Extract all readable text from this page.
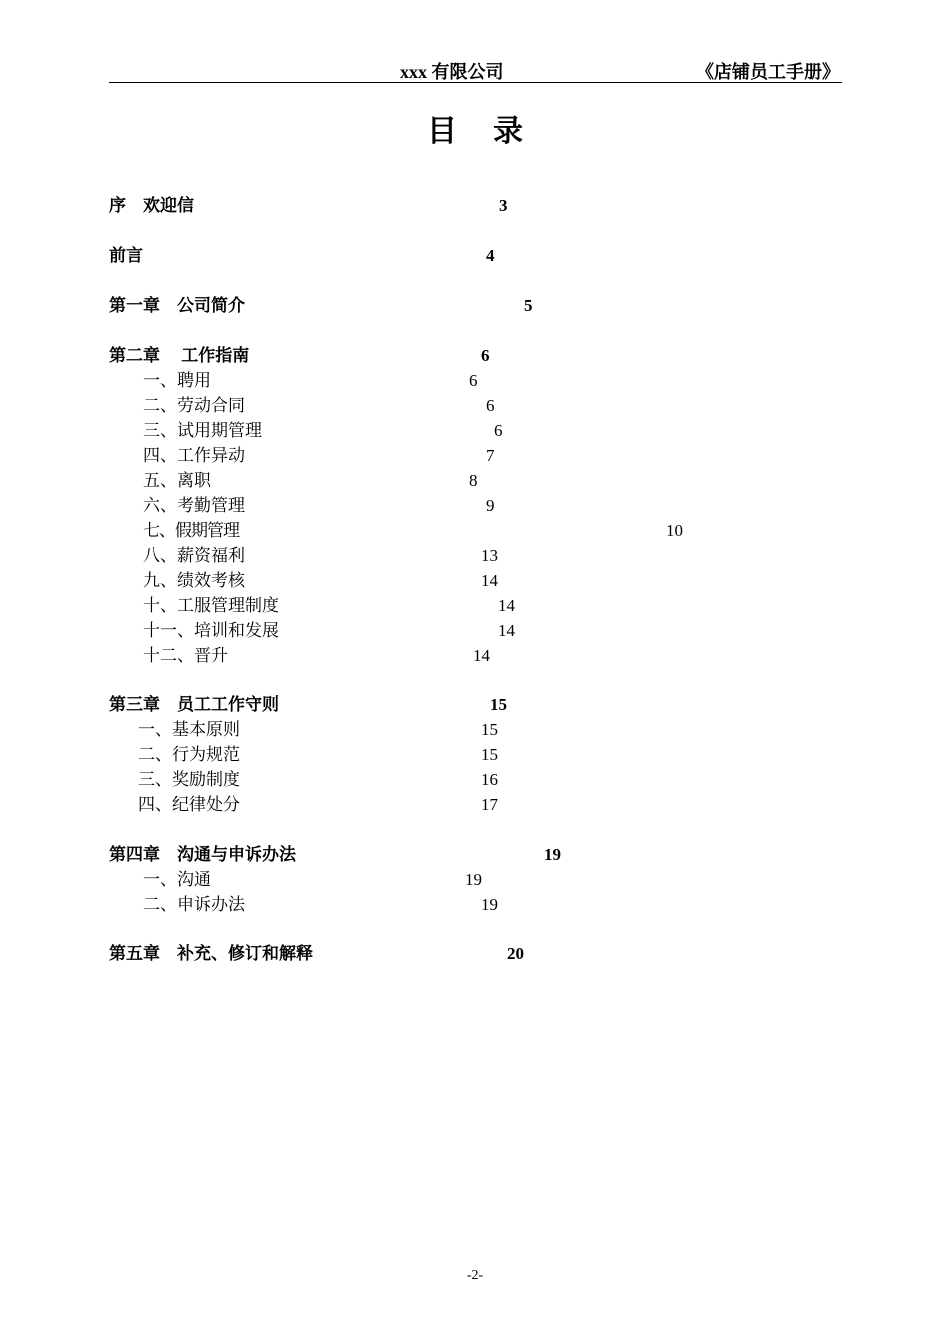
xxx 有限公司	《店铺员工手册》
目录
序　欢迎信	3
前言	4
第一章　公司简介	5
第二章　 工作指南	6
一、聘用	6
二、劳动合同	6
三、试用期管理	6
四、工作异动	7
五、离职	8
六、考勤管理	9
七、假期管理	10
八、薪资福利	13
九、绩效考核	14
十、工服管理制度	14
十一、培训和发展	14
十二、晋升	14
第三章　员工工作守则	15
一、基本原则	15
二、行为规范	15
三、奖励制度	16
四、纪律处分	17
第四章　沟通与申诉办法	19
一、沟通	19
二、申诉办法	19
第五章　补充、修订和解释	20
-2-
